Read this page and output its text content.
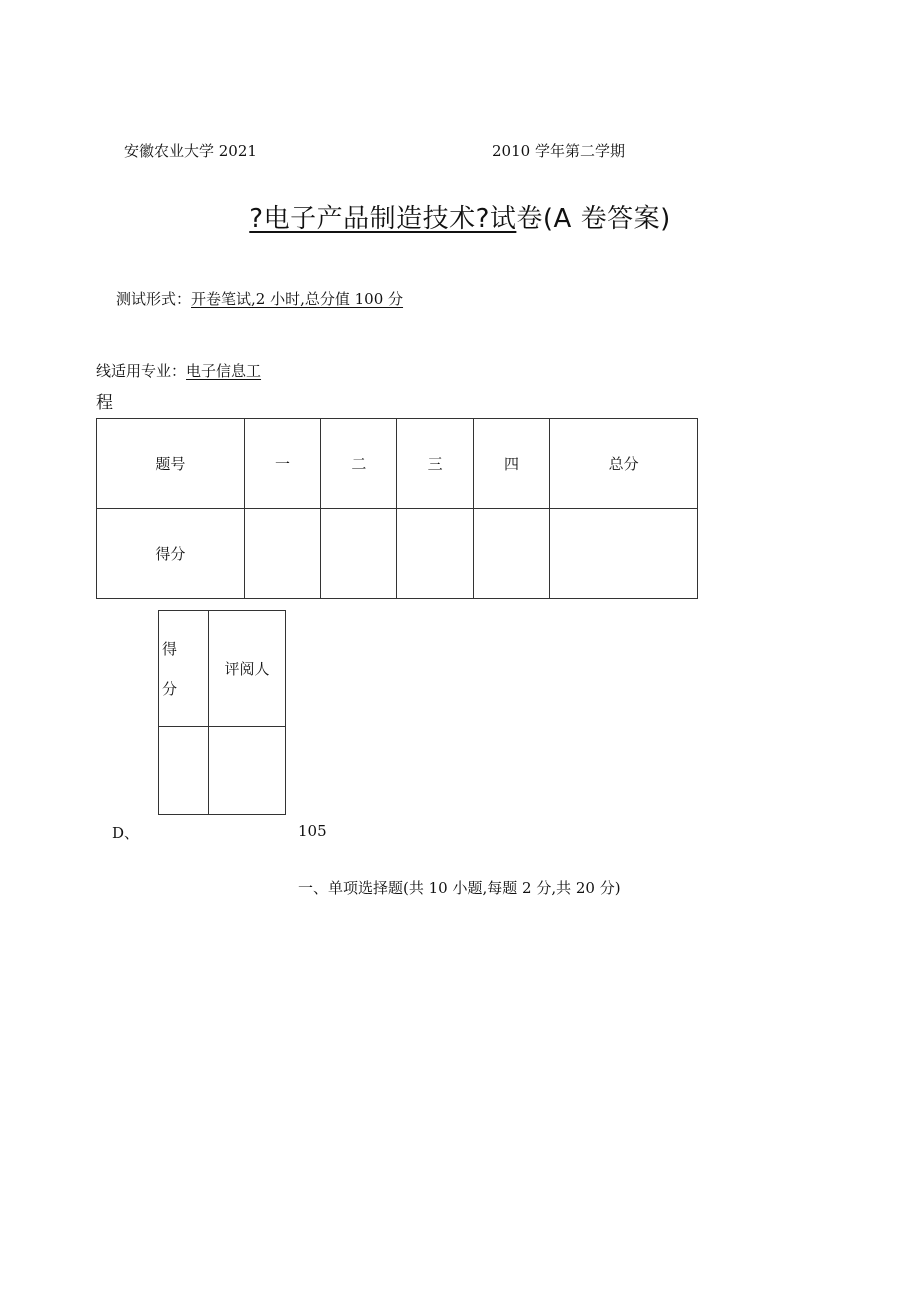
安徽农业大学 2021	2010 学年第二学期
?电子产品制造技术?试卷(A 卷答案)
测试形式：开卷笔试,2 小时,总分值 100 分
线适用专业：电子信息工
程
题号	一	二	三	四	总分
得分					
得分	评阅人

D、	105
一、单项选择题(共 10 小题,每题 2 分,共 20 分)
